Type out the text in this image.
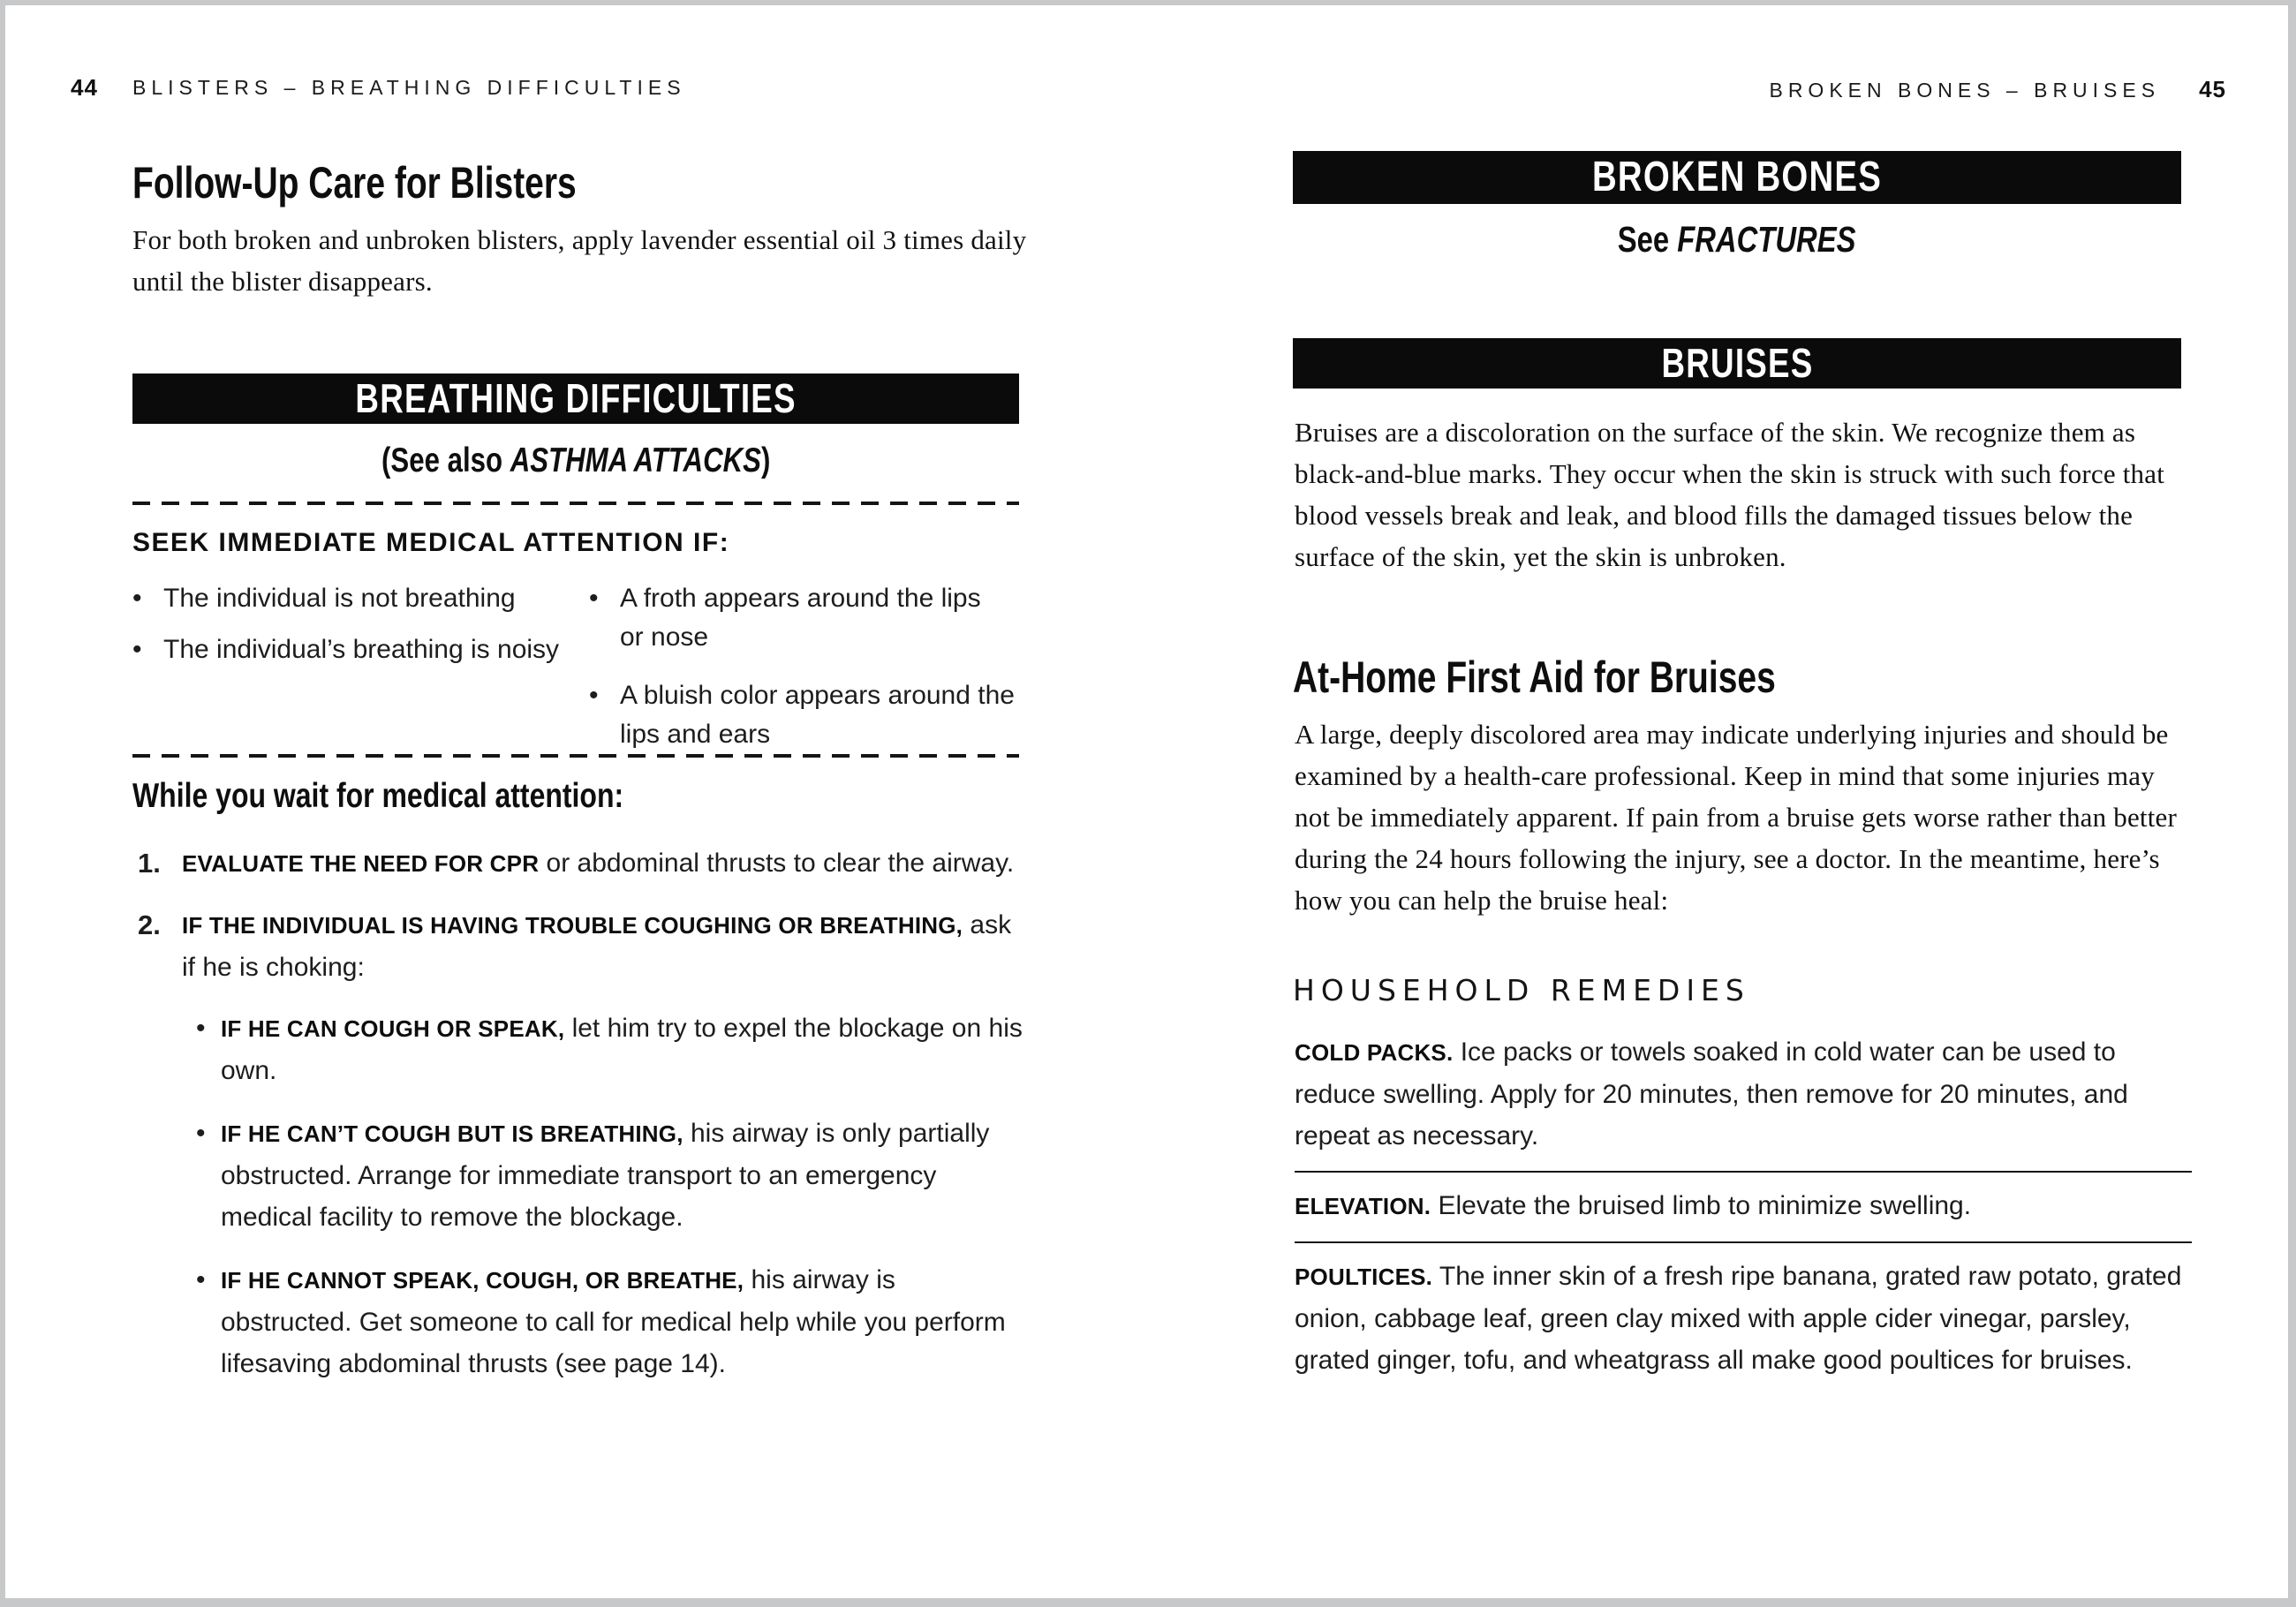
44 BLISTERS – BREATHING DIFFICULTIES
Follow-Up Care for Blisters
For both broken and unbroken blisters, apply lavender essential oil 3 times daily until the blister disappears.
BREATHING DIFFICULTIES
(See also ASTHMA ATTACKS)
SEEK IMMEDIATE MEDICAL ATTENTION IF:
• The individual is not breathing
• The individual’s breathing is noisy
• A froth appears around the lips or nose
• A bluish color appears around the lips and ears
While you wait for medical attention:
1. EVALUATE THE NEED FOR CPR or abdominal thrusts to clear the airway.
2. IF THE INDIVIDUAL IS HAVING TROUBLE COUGHING OR BREATHING, ask if he is choking:
• IF HE CAN COUGH OR SPEAK, let him try to expel the blockage on his own.
• IF HE CAN’T COUGH BUT IS BREATHING, his airway is only partially obstructed. Arrange for immediate transport to an emergency medical facility to remove the blockage.
• IF HE CANNOT SPEAK, COUGH, OR BREATHE, his airway is obstructed. Get someone to call for medical help while you perform lifesaving abdominal thrusts (see page 14).
BROKEN BONES – BRUISES 45
BROKEN BONES
See FRACTURES
BRUISES
Bruises are a discoloration on the surface of the skin. We recognize them as black-and-blue marks. They occur when the skin is struck with such force that blood vessels break and leak, and blood fills the damaged tissues below the surface of the skin, yet the skin is unbroken.
At-Home First Aid for Bruises
A large, deeply discolored area may indicate underlying injuries and should be examined by a health-care professional. Keep in mind that some injuries may not be immediately apparent. If pain from a bruise gets worse rather than better during the 24 hours following the injury, see a doctor. In the meantime, here’s how you can help the bruise heal:
HOUSEHOLD REMEDIES
COLD PACKS. Ice packs or towels soaked in cold water can be used to reduce swelling. Apply for 20 minutes, then remove for 20 minutes, and repeat as necessary.
ELEVATION. Elevate the bruised limb to minimize swelling.
POULTICES. The inner skin of a fresh ripe banana, grated raw potato, grated onion, cabbage leaf, green clay mixed with apple cider vinegar, parsley, grated ginger, tofu, and wheatgrass all make good poultices for bruises.
